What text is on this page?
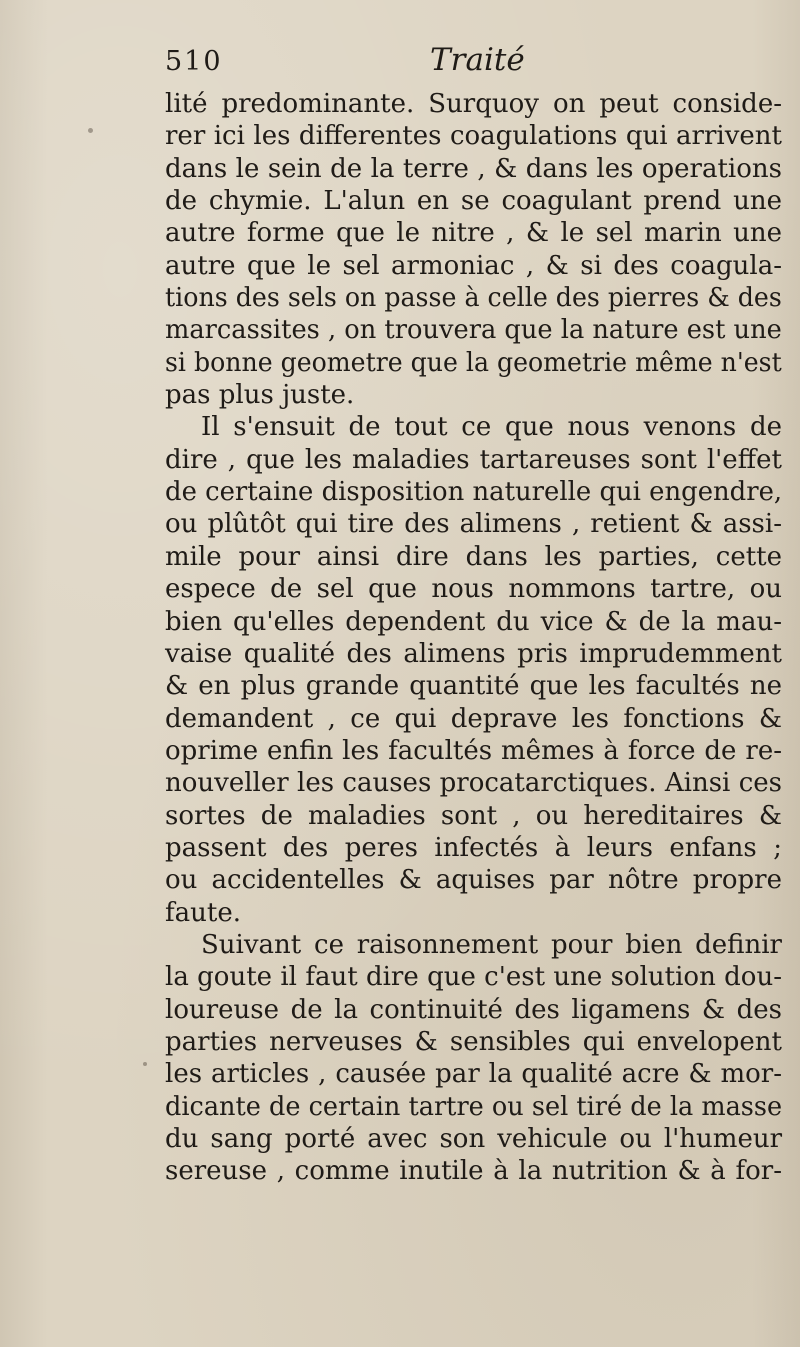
510	Traité
lité predominante. Surquoy on peut conside-
rer ici les differentes coagulations qui arrivent
dans le sein de la terre , & dans les operations
de chymie. L'alun en se coagulant prend une
autre forme que le nitre , & le sel marin une
autre que le sel armoniac , & si des coagula-
tions des sels on passe à celle des pierres & des
marcassites , on trouvera que la nature est une
si bonne geometre que la geometrie même n'est
pas plus juste.
Il s'ensuit de tout ce que nous venons de
dire , que les maladies tartareuses sont l'effet
de certaine disposition naturelle qui engendre,
ou plûtôt qui tire des alimens , retient & assi-
mile pour ainsi dire dans les parties, cette
espece de sel que nous nommons tartre, ou
bien qu'elles dependent du vice & de la mau-
vaise qualité des alimens pris imprudemment
& en plus grande quantité que les facultés ne
demandent , ce qui deprave les fonctions &
oprime enfin les facultés mêmes à force de re-
nouveller les causes procatarctiques. Ainsi ces
sortes de maladies sont , ou hereditaires &
passent des peres infectés à leurs enfans ;
ou accidentelles & aquises par nôtre propre
faute.
Suivant ce raisonnement pour bien definir
la goute il faut dire que c'est une solution dou-
loureuse de la continuité des ligamens & des
parties nerveuses & sensibles qui envelopent
les articles , causée par la qualité acre & mor-
dicante de certain tartre ou sel tiré de la masse
du sang porté avec son vehicule ou l'humeur
sereuse , comme inutile à la nutrition & à for-
